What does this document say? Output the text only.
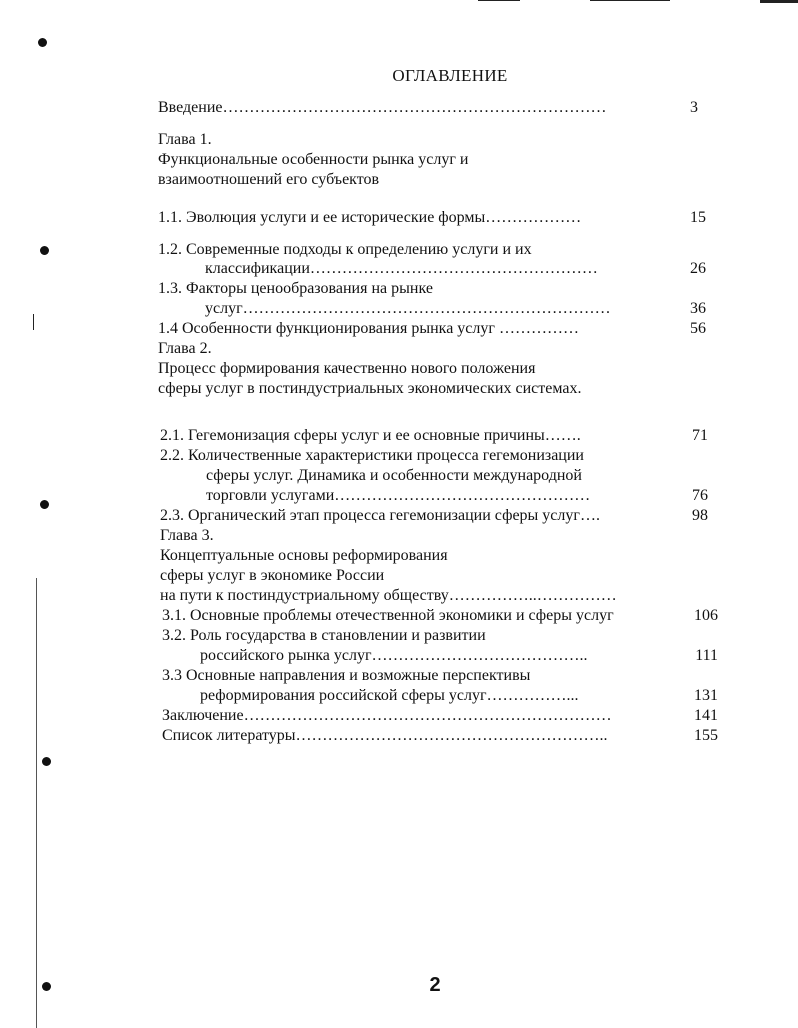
ОГЛАВЛЕНИЕ
Введение………………………………………………………………	3
Глава 1.
Функциональные особенности рынка услуг и
взаимоотношений его субъектов
1.1. Эволюция услуги и ее исторические формы………………	15
1.2. Современные подходы к определению услуги и их
классификации………………………………………………	26
1.3. Факторы ценообразования на рынке
услуг……………………………………………………………	36
1.4 Особенности функционирования рынка услуг ……………	56
Глава 2.
Процесс формирования качественно нового положения
сферы услуг в постиндустриальных экономических системах.
2.1. Гегемонизация сферы услуг и ее основные причины…….	71
2.2. Количественные характеристики процесса гегемонизации
сферы услуг. Динамика и особенности международной
торговли услугами…………………………………………	76
2.3. Органический этап процесса гегемонизации сферы услуг….	98
Глава 3.
Концептуальные основы реформирования
сферы услуг в экономике России
на пути к постиндустриальному обществу……………..……………
3.1. Основные проблемы отечественной экономики и сферы услуг	106
3.2. Роль государства в становлении и развитии
российского рынка услуг…………………………………..	111
3.3 Основные направления и возможные перспективы
реформирования российской сферы услуг……………...	131
Заключение……………………………………………………………	141
Список литературы…………………………………………………..	155
2
